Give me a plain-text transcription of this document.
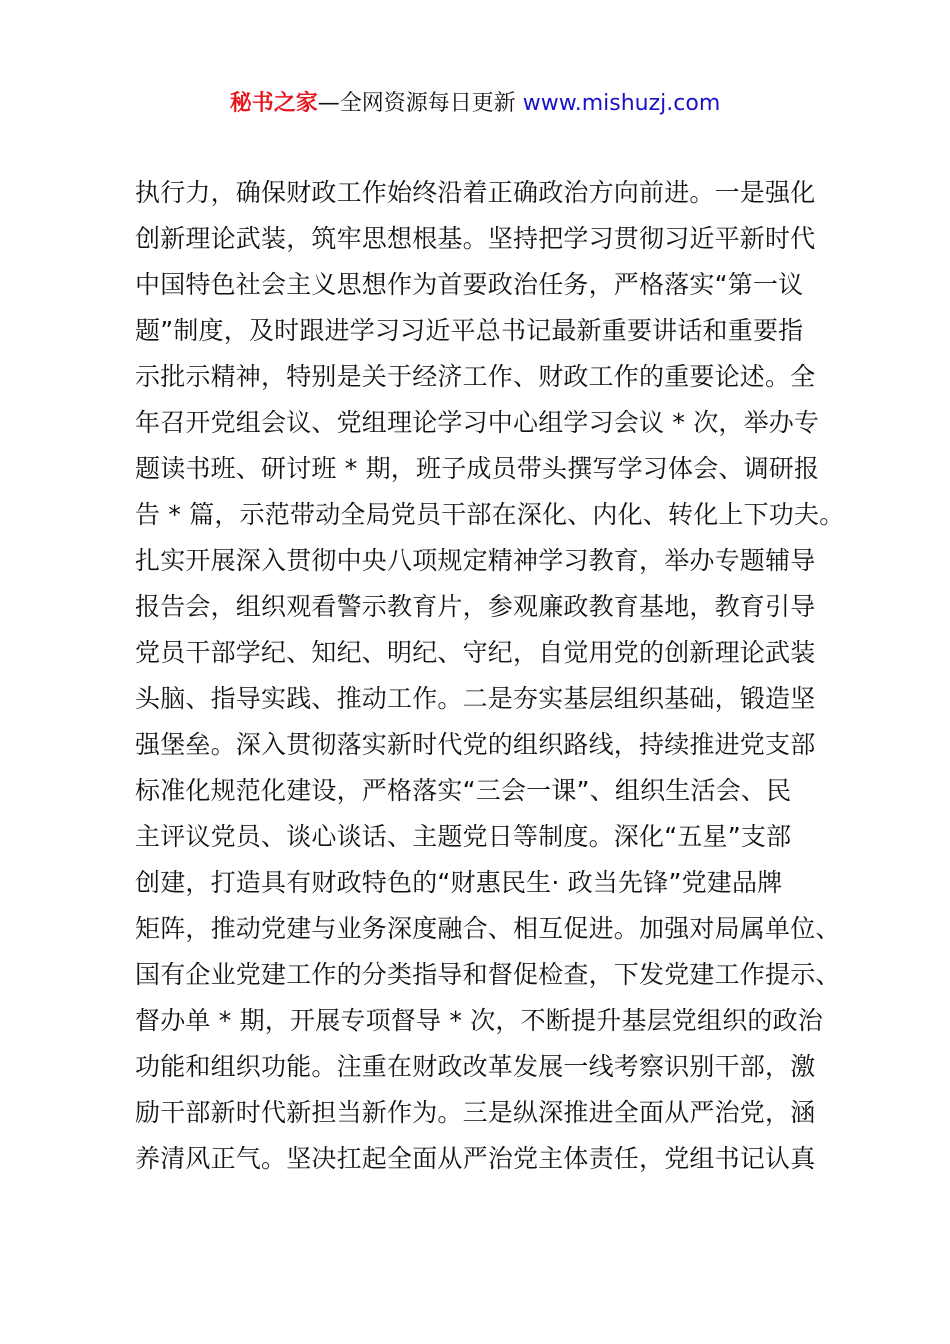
秘书之家—全网资源每日更新 www.mishuzj.com
执行力，确保财政工作始终沿着正确政治方向前进。一是强化
创新理论武装，筑牢思想根基。坚持把学习贯彻习近平新时代
中国特色社会主义思想作为首要政治任务，严格落实“第一议
题”制度，及时跟进学习习近平总书记最新重要讲话和重要指
示批示精神，特别是关于经济工作、财政工作的重要论述。全
年召开党组会议、党组理论学习中心组学习会议 * 次，举办专
题读书班、研讨班 * 期，班子成员带头撰写学习体会、调研报
告 * 篇，示范带动全局党员干部在深化、内化、转化上下功夫。
扎实开展深入贯彻中央八项规定精神学习教育，举办专题辅导
报告会，组织观看警示教育片，参观廉政教育基地，教育引导
党员干部学纪、知纪、明纪、守纪，自觉用党的创新理论武装
头脑、指导实践、推动工作。二是夯实基层组织基础，锻造坚
强堡垒。深入贯彻落实新时代党的组织路线，持续推进党支部
标准化规范化建设，严格落实“三会一课”、组织生活会、民
主评议党员、谈心谈话、主题党日等制度。深化“五星”支部
创建，打造具有财政特色的“财惠民生· 政当先锋”党建品牌
矩阵，推动党建与业务深度融合、相互促进。加强对局属单位、
国有企业党建工作的分类指导和督促检查，下发党建工作提示、
督办单 * 期，开展专项督导 * 次，不断提升基层党组织的政治
功能和组织功能。注重在财政改革发展一线考察识别干部，激
励干部新时代新担当新作为。三是纵深推进全面从严治党，涵
养清风正气。坚决扛起全面从严治党主体责任，党组书记认真
